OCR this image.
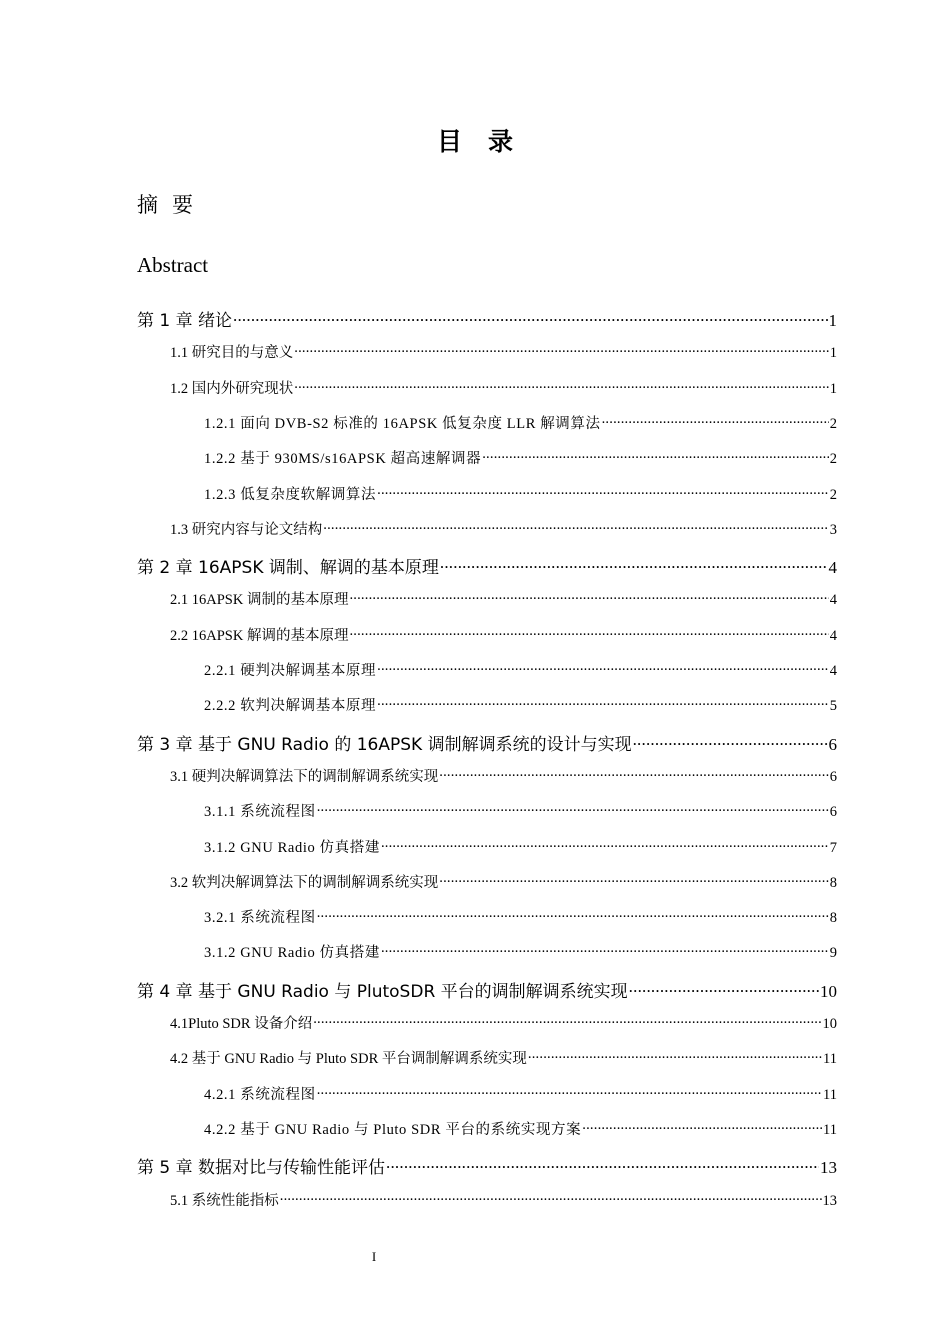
目录
摘要
Abstract
第 1 章 绪论 .....	1
1.1 研究目的与意义 .....	1
1.2 国内外研究现状 .....	1
1.2.1 面向 DVB-S2 标准的 16APSK 低复杂度 LLR 解调算法 .....	2
1.2.2 基于 930MS/s16APSK 超高速解调器 .....	2
1.2.3 低复杂度软解调算法 .....	2
1.3 研究内容与论文结构 .....	3
第 2 章 16APSK 调制、解调的基本原理 .....	4
2.1 16APSK 调制的基本原理 .....	4
2.2 16APSK 解调的基本原理 .....	4
2.2.1 硬判决解调基本原理 .....	4
2.2.2 软判决解调基本原理 .....	5
第 3 章 基于 GNU Radio 的 16APSK 调制解调系统的设计与实现 .....	6
3.1 硬判决解调算法下的调制解调系统实现 .....	6
3.1.1 系统流程图 .....	6
3.1.2 GNU Radio 仿真搭建 .....	7
3.2 软判决解调算法下的调制解调系统实现 .....	8
3.2.1 系统流程图 .....	8
3.1.2 GNU Radio 仿真搭建 .....	9
第 4 章 基于 GNU Radio 与 PlutoSDR 平台的调制解调系统实现 .....	10
4.1Pluto SDR 设备介绍 .....	10
4.2 基于 GNU Radio 与 Pluto SDR 平台调制解调系统实现 .....	11
4.2.1 系统流程图 .....	11
4.2.2 基于 GNU Radio 与 Pluto SDR 平台的系统实现方案 .....	11
第 5 章 数据对比与传输性能评估 .....	13
5.1 系统性能指标 .....	13
I
